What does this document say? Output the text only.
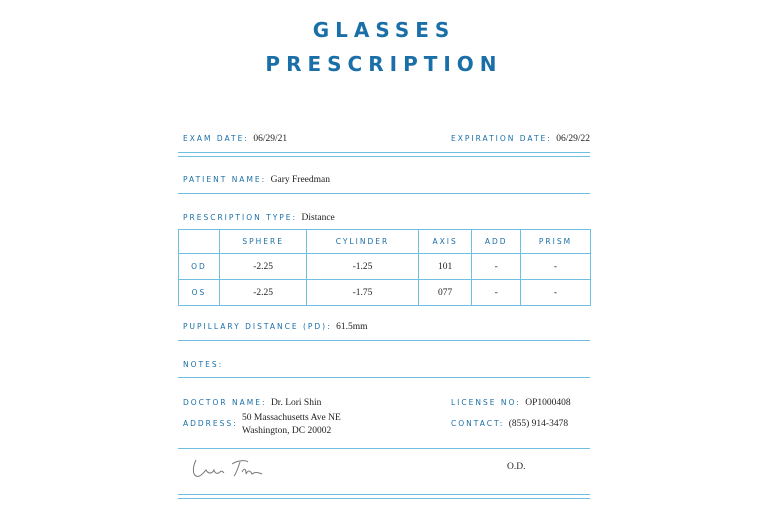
GLASSES
PRESCRIPTION
EXAM DATE: 06/29/21	EXPIRATION DATE: 06/29/22
PATIENT NAME: Gary Freedman
PRESCRIPTION TYPE: Distance
	SPHERE	CYLINDER	AXIS	ADD	PRISM
OD	-2.25	-1.25	101	-	-
OS	-2.25	-1.75	077	-	-
PUPILLARY DISTANCE (PD): 61.5mm
NOTES:
DOCTOR NAME: Dr. Lori Shin	LICENSE NO: OP1000408
ADDRESS:
50 Massachusetts Ave NE
Washington, DC 20002
CONTACT: (855) 914-3478
O.D.
